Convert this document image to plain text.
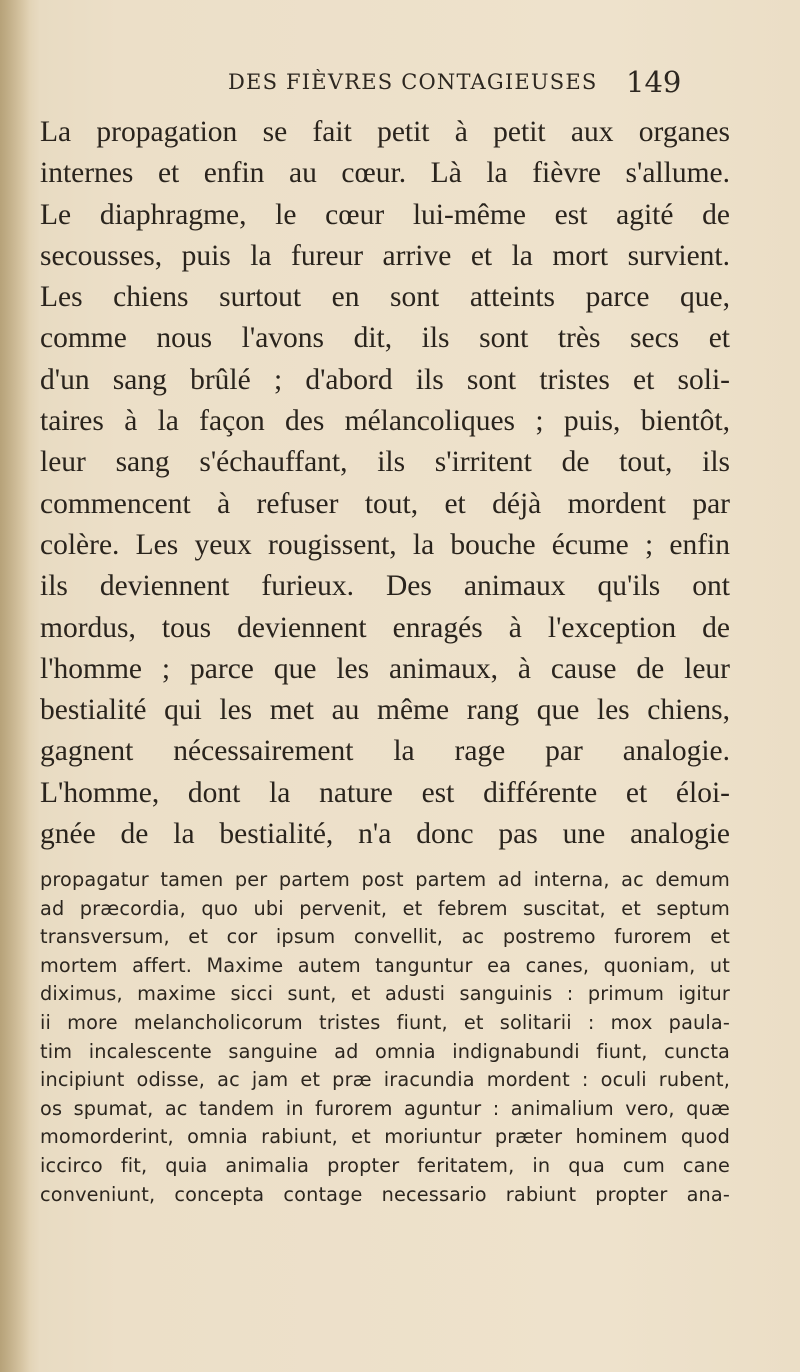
DES FIÈVRES CONTAGIEUSES 149

La propagation se fait petit à petit aux organes
internes et enfin au cœur. Là la fièvre s'allume.
Le diaphragme, le cœur lui-même est agité de
secousses, puis la fureur arrive et la mort survient.
Les chiens surtout en sont atteints parce que,
comme nous l'avons dit, ils sont très secs et
d'un sang brûlé ; d'abord ils sont tristes et soli-
taires à la façon des mélancoliques ; puis, bientôt,
leur sang s'échauffant, ils s'irritent de tout, ils
commencent à refuser tout, et déjà mordent par
colère. Les yeux rougissent, la bouche écume ; enfin
ils deviennent furieux. Des animaux qu'ils ont
mordus, tous deviennent enragés à l'exception de
l'homme ; parce que les animaux, à cause de leur
bestialité qui les met au même rang que les chiens,
gagnent nécessairement la rage par analogie.
L'homme, dont la nature est différente et éloi-
gnée de la bestialité, n'a donc pas une analogie

propagatur tamen per partem post partem ad interna, ac demum
ad præcordia, quo ubi pervenit, et febrem suscitat, et septum
transversum, et cor ipsum convellit, ac postremo furorem et
mortem affert. Maxime autem tanguntur ea canes, quoniam, ut
diximus, maxime sicci sunt, et adusti sanguinis : primum igitur
ii more melancholicorum tristes fiunt, et solitarii : mox paula-
tim incalescente sanguine ad omnia indignabundi fiunt, cuncta
incipiunt odisse, ac jam et præ iracundia mordent : oculi rubent,
os spumat, ac tandem in furorem aguntur : animalium vero, quæ
momorderint, omnia rabiunt, et moriuntur præter hominem quod
iccirco fit, quia animalia propter feritatem, in qua cum cane
conveniunt, concepta contage necessario rabiunt propter ana-
